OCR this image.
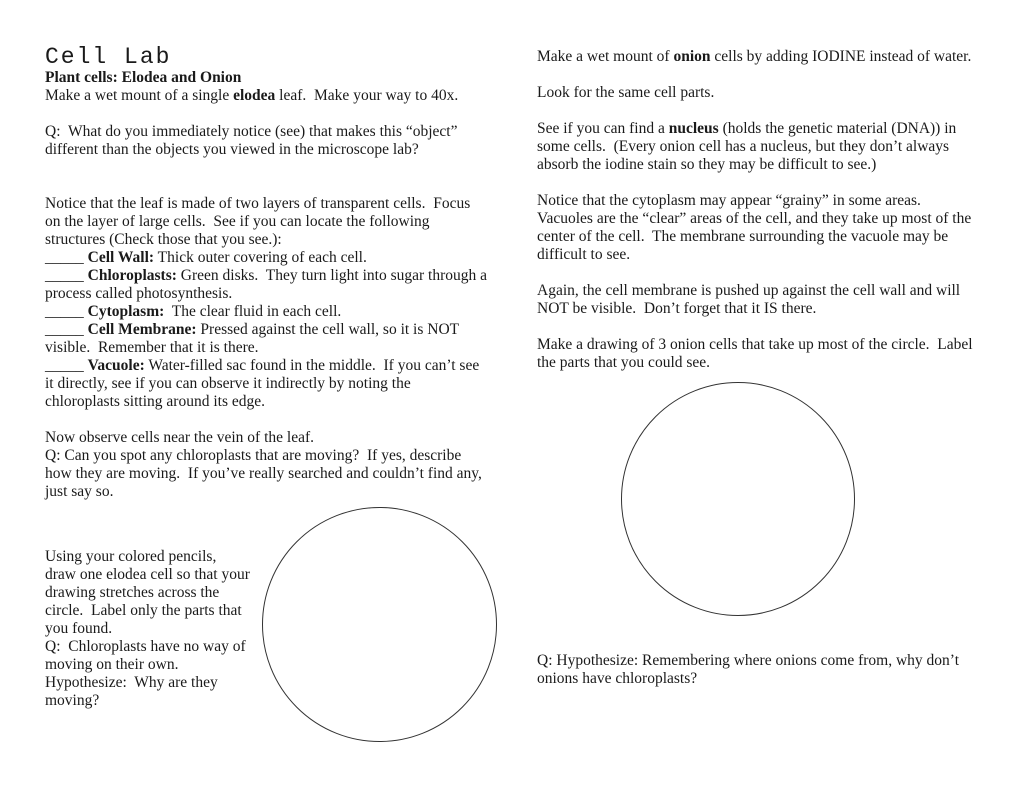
Cell Lab

Plant cells: Elodea and Onion

Make a wet mount of a single elodea leaf.  Make your way to 40x.

Q:  What do you immediately notice (see) that makes this “object” different than the objects you viewed in the microscope lab?

Notice that the leaf is made of two layers of transparent cells.  Focus on the layer of large cells.  See if you can locate the following structures (Check those that you see.):

_____ Cell Wall: Thick outer covering of each cell.

_____ Chloroplasts: Green disks.  They turn light into sugar through a process called photosynthesis.

_____ Cytoplasm:  The clear fluid in each cell.

_____ Cell Membrane: Pressed against the cell wall, so it is NOT visible.  Remember that it is there.

_____ Vacuole: Water-filled sac found in the middle.  If you can’t see it directly, see if you can observe it indirectly by noting the chloroplasts sitting around its edge.

Now observe cells near the vein of the leaf.

Q: Can you spot any chloroplasts that are moving?  If yes, describe how they are moving.  If you’ve really searched and couldn’t find any, just say so.

Using your colored pencils, draw one elodea cell so that your drawing stretches across the circle.  Label only the parts that you found.

Q:  Chloroplasts have no way of moving on their own.

Hypothesize:  Why are they moving?

Make a wet mount of onion cells by adding IODINE instead of water.

Look for the same cell parts.

See if you can find a nucleus (holds the genetic material (DNA)) in some cells.  (Every onion cell has a nucleus, but they don’t always absorb the iodine stain so they may be difficult to see.)

Notice that the cytoplasm may appear “grainy” in some areas.  Vacuoles are the “clear” areas of the cell, and they take up most of the center of the cell.  The membrane surrounding the vacuole may be difficult to see.

Again, the cell membrane is pushed up against the cell wall and will NOT be visible.  Don’t forget that it IS there.

Make a drawing of 3 onion cells that take up most of the circle.  Label the parts that you could see.

Q: Hypothesize: Remembering where onions come from, why don’t onions have chloroplasts?
